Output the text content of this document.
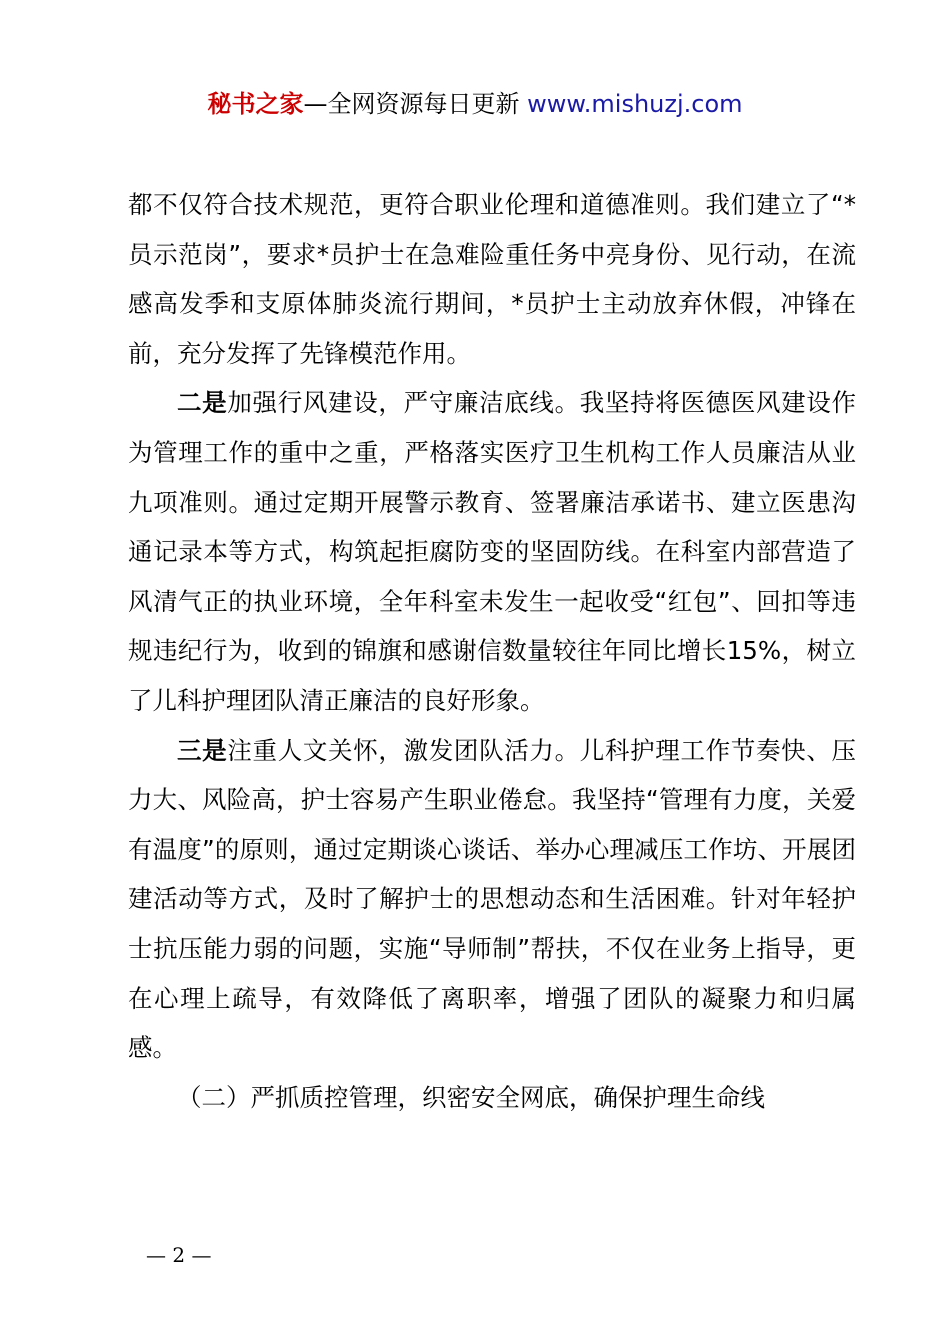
秘书之家—全网资源每日更新 www.mishuzj.com

都不仅符合技术规范，更符合职业伦理和道德准则。我们建立了“*员示范岗”，要求*员护士在急难险重任务中亮身份、见行动，在流感高发季和支原体肺炎流行期间，*员护士主动放弃休假，冲锋在前，充分发挥了先锋模范作用。

二是加强行风建设，严守廉洁底线。我坚持将医德医风建设作为管理工作的重中之重，严格落实医疗卫生机构工作人员廉洁从业九项准则。通过定期开展警示教育、签署廉洁承诺书、建立医患沟通记录本等方式，构筑起拒腐防变的坚固防线。在科室内部营造了风清气正的执业环境，全年科室未发生一起收受“红包”、回扣等违规违纪行为，收到的锦旗和感谢信数量较往年同比增长15%，树立了儿科护理团队清正廉洁的良好形象。

三是注重人文关怀，激发团队活力。儿科护理工作节奏快、压力大、风险高，护士容易产生职业倦怠。我坚持“管理有力度，关爱有温度”的原则，通过定期谈心谈话、举办心理减压工作坊、开展团建活动等方式，及时了解护士的思想动态和生活困难。针对年轻护士抗压能力弱的问题，实施“导师制”帮扶，不仅在业务上指导，更在心理上疏导，有效降低了离职率，增强了团队的凝聚力和归属感。

（二）严抓质控管理，织密安全网底，确保护理生命线

— 2 —
